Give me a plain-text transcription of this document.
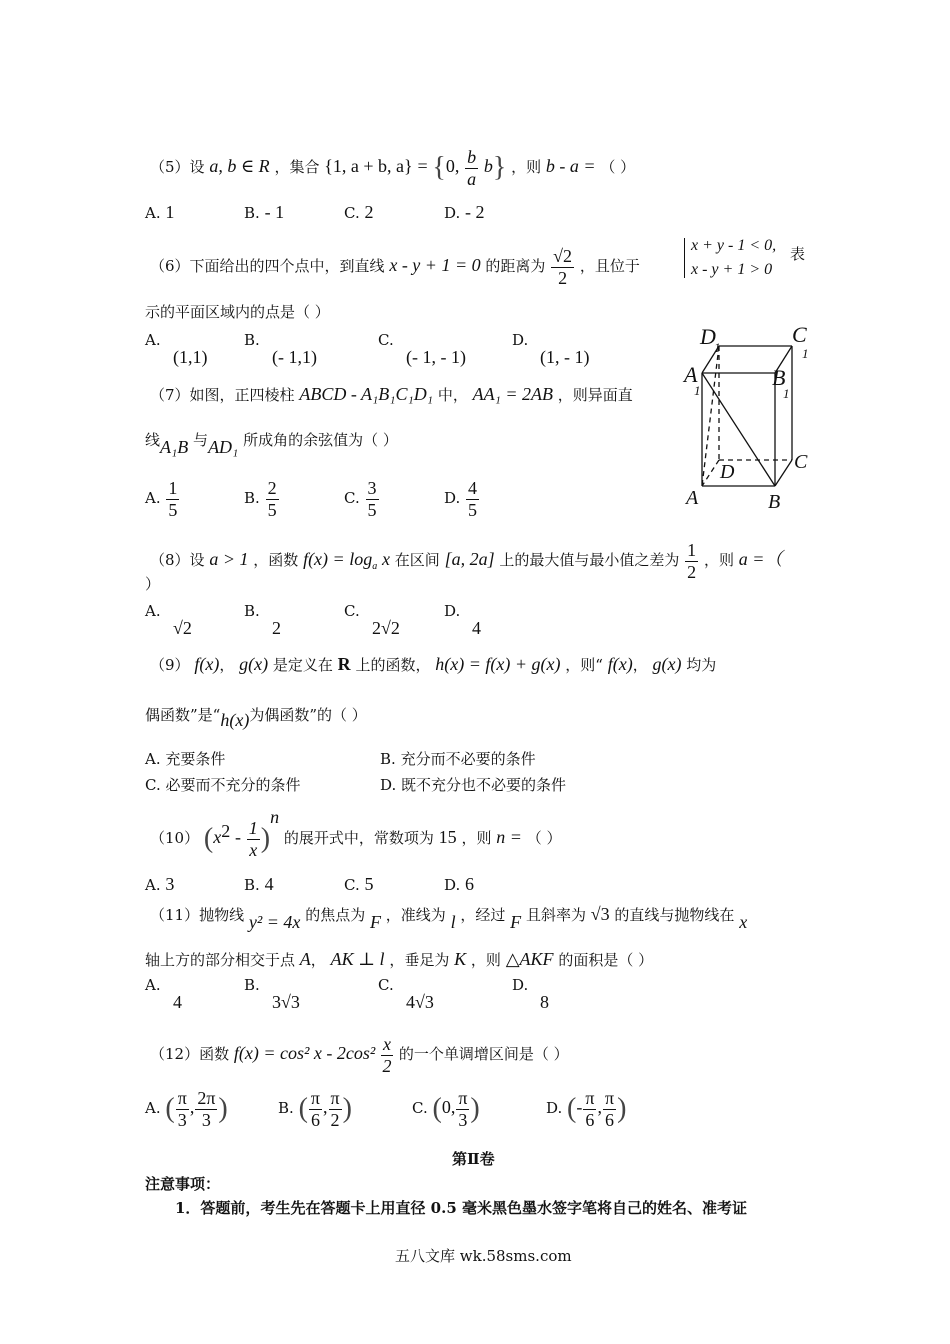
（5）设 a, b ∈ R ，集合 {1, a + b, a} = {0, $\frac{b}{a} b$} ，则 b - a = （ ）
A. 1	B. - 1	C. 2	D. - 2
（6）下面给出的四个点中，到直线 x - y + 1 = 0 的距离为 $\frac{√2}{2}$ ，且位于
x + y - 1 < 0,
x - y + 1 > 0
表
示的平面区域内的点是（ ）
A.
(1,1)
B.
(- 1,1)
C.
(- 1, - 1)
D.
(1, - 1)
（7）如图，正四棱柱 ABCD - A₁B₁C₁D₁ 中， AA₁ = 2AB ，则异面直
线A₁B 与AD₁ 所成角的余弦值为（ ）
A. $\frac{1}{5}$	B. $\frac{2}{5}$	C. $\frac{3}{5}$	D. $\frac{4}{5}$
D
1
C
1
A
1
B
1
D	C
A	B
（8）设 a > 1 ，函数 $f(x) = \log_a x$ 在区间 [a, 2a] 上的最大值与最小值之差为 $\frac{1}{2}$ ，则 a =（
）
A.
√2
B.
2
C.
2√2
D.
4
（9） f(x)， g(x) 是定义在 R 上的函数， h(x) = f(x) + g(x) ，则“ f(x)， g(x) 均为
偶函数”是“h(x)为偶函数”的（ ）
A. 充要条件	B. 充分而不必要的条件
C. 必要而不充分的条件	D. 既不充分也不必要的条件
（10） $(x^2 - \frac{1}{x} )^n$ 的展开式中，常数项为 15 ，则 n = （ ）
A. 3	B. 4	C. 5	D. 6
（11）抛物线 y² = 4x 的焦点为 F ，准线为 l ，经过 F 且斜率为 √3 的直线与抛物线在 x
轴上方的部分相交于点 A， AK ⊥ l ，垂足为 K ，则 △AKF 的面积是（ ）
A.
4
B.
3√3
C.
4√3
D.
8
（12）函数 f(x) = cos² x - $2\cos^2 \frac{x}{2}$ 的一个单调增区间是（ ）
A. ( $\frac{\pi}{3}$ , $\frac{2\pi}{3}$ )	B. ( $\frac{\pi}{6}$ , $\frac{\pi}{2}$ )	C. (0, $\frac{\pi}{3}$ )	D. (- $\frac{\pi}{6}$ , $\frac{\pi}{6}$ )
第Ⅱ卷
注意事项：
1．答题前，考生先在答题卡上用直径 0.5 毫米黑色墨水签字笔将自己的姓名、准考证
五八文库 wk.58sms.com
